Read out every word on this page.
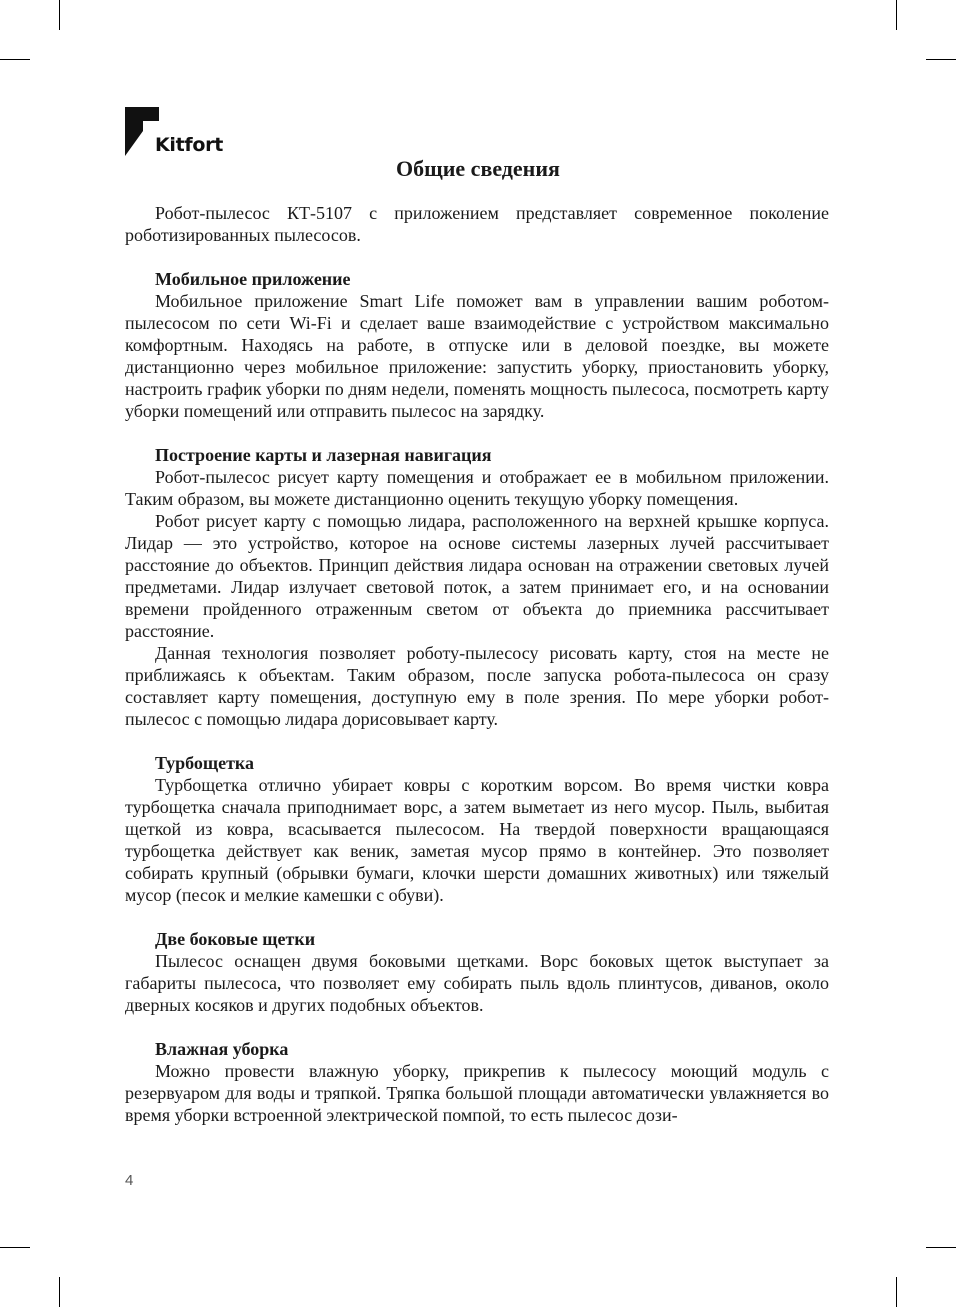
Kitfort
Общие сведения

Робот-пылесос КТ-5107 с приложением представляет современное поколение роботизированных пылесосов.

Мобильное приложение

Мобильное приложение Smart Life поможет вам в управлении вашим роботом-пылесосом по сети Wi-Fi и сделает ваше взаимодействие с устройством максимально комфортным. Находясь на работе, в отпуске или в деловой поездке, вы можете дистанционно через мобильное приложение: запустить уборку, приостановить уборку, настроить график уборки по дням недели, поменять мощность пылесоса, посмотреть карту уборки помещений или отправить пылесос на зарядку.

Построение карты и лазерная навигация

Робот-пылесос рисует карту помещения и отображает ее в мобильном приложении. Таким образом, вы можете дистанционно оценить текущую уборку помещения.

Робот рисует карту с помощью лидара, расположенного на верхней крышке корпуса. Лидар — это устройство, которое на основе системы лазерных лучей рассчитывает расстояние до объектов. Принцип действия лидара основан на отражении световых лучей предметами. Лидар излучает световой поток, а затем принимает его, и на основании времени пройденного отраженным светом от объекта до приемника рассчитывает расстояние.

Данная технология позволяет роботу-пылесосу рисовать карту, стоя на месте не приближаясь к объектам. Таким образом, после запуска робота-пылесоса он сразу составляет карту помещения, доступную ему в поле зрения. По мере уборки робот-пылесос с помощью лидара дорисовывает карту.

Турбощетка

Турбощетка отлично убирает ковры с коротким ворсом. Во время чистки ковра турбощетка сначала приподнимает ворс, а затем выметает из него мусор. Пыль, выбитая щеткой из ковра, всасывается пылесосом. На твердой поверхности вращающаяся турбощетка действует как веник, заметая мусор прямо в контейнер. Это позволяет собирать крупный (обрывки бумаги, клочки шерсти домашних животных) или тяжелый мусор (песок и мелкие камешки с обуви).

Две боковые щетки

Пылесос оснащен двумя боковыми щетками. Ворс боковых щеток выступает за габариты пылесоса, что позволяет ему собирать пыль вдоль плинтусов, диванов, около дверных косяков и других подобных объектов.

Влажная уборка

Можно провести влажную уборку, прикрепив к пылесосу моющий модуль с резервуаром для воды и тряпкой. Тряпка большой площади автоматически увлажняется во время уборки встроенной электрической помпой, то есть пылесос дози-

4
